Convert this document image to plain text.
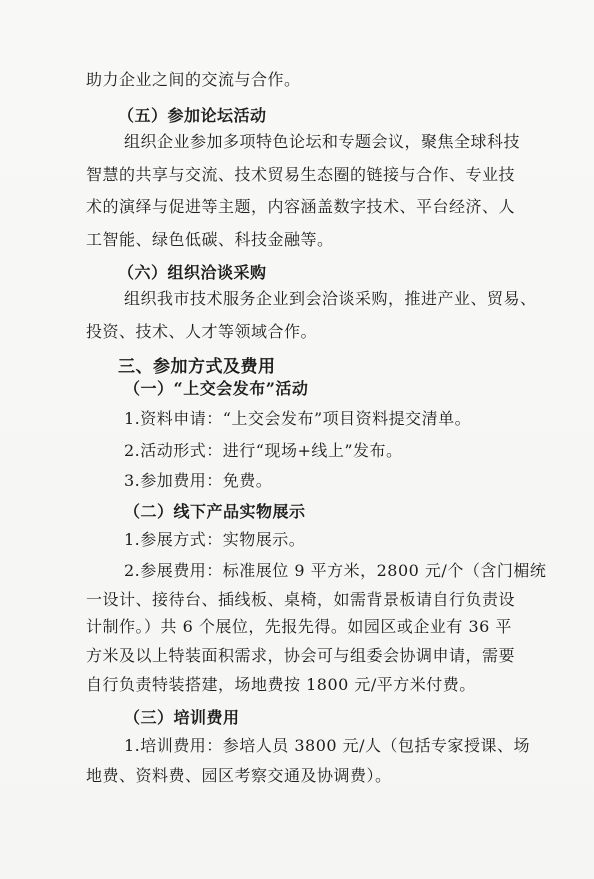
助力企业之间的交流与合作。
（五）参加论坛活动
组织企业参加多项特色论坛和专题会议，聚焦全球科技
智慧的共享与交流、技术贸易生态圈的链接与合作、专业技
术的演绎与促进等主题，内容涵盖数字技术、平台经济、人
工智能、绿色低碳、科技金融等。
（六）组织洽谈采购
组织我市技术服务企业到会洽谈采购，推进产业、贸易、
投资、技术、人才等领域合作。
三、参加方式及费用
（一）“上交会发布”活动
1.资料申请：“上交会发布”项目资料提交清单。
2.活动形式：进行“现场+线上”发布。
3.参加费用：免费。
（二）线下产品实物展示
1.参展方式：实物展示。
2.参展费用：标准展位 9 平方米，2800 元/个（含门楣统
一设计、接待台、插线板、桌椅，如需背景板请自行负责设
计制作。）共 6 个展位，先报先得。如园区或企业有 36 平
方米及以上特装面积需求，协会可与组委会协调申请，需要
自行负责特装搭建，场地费按 1800 元/平方米付费。
（三）培训费用
1.培训费用：参培人员 3800 元/人（包括专家授课、场
地费、资料费、园区考察交通及协调费）。
